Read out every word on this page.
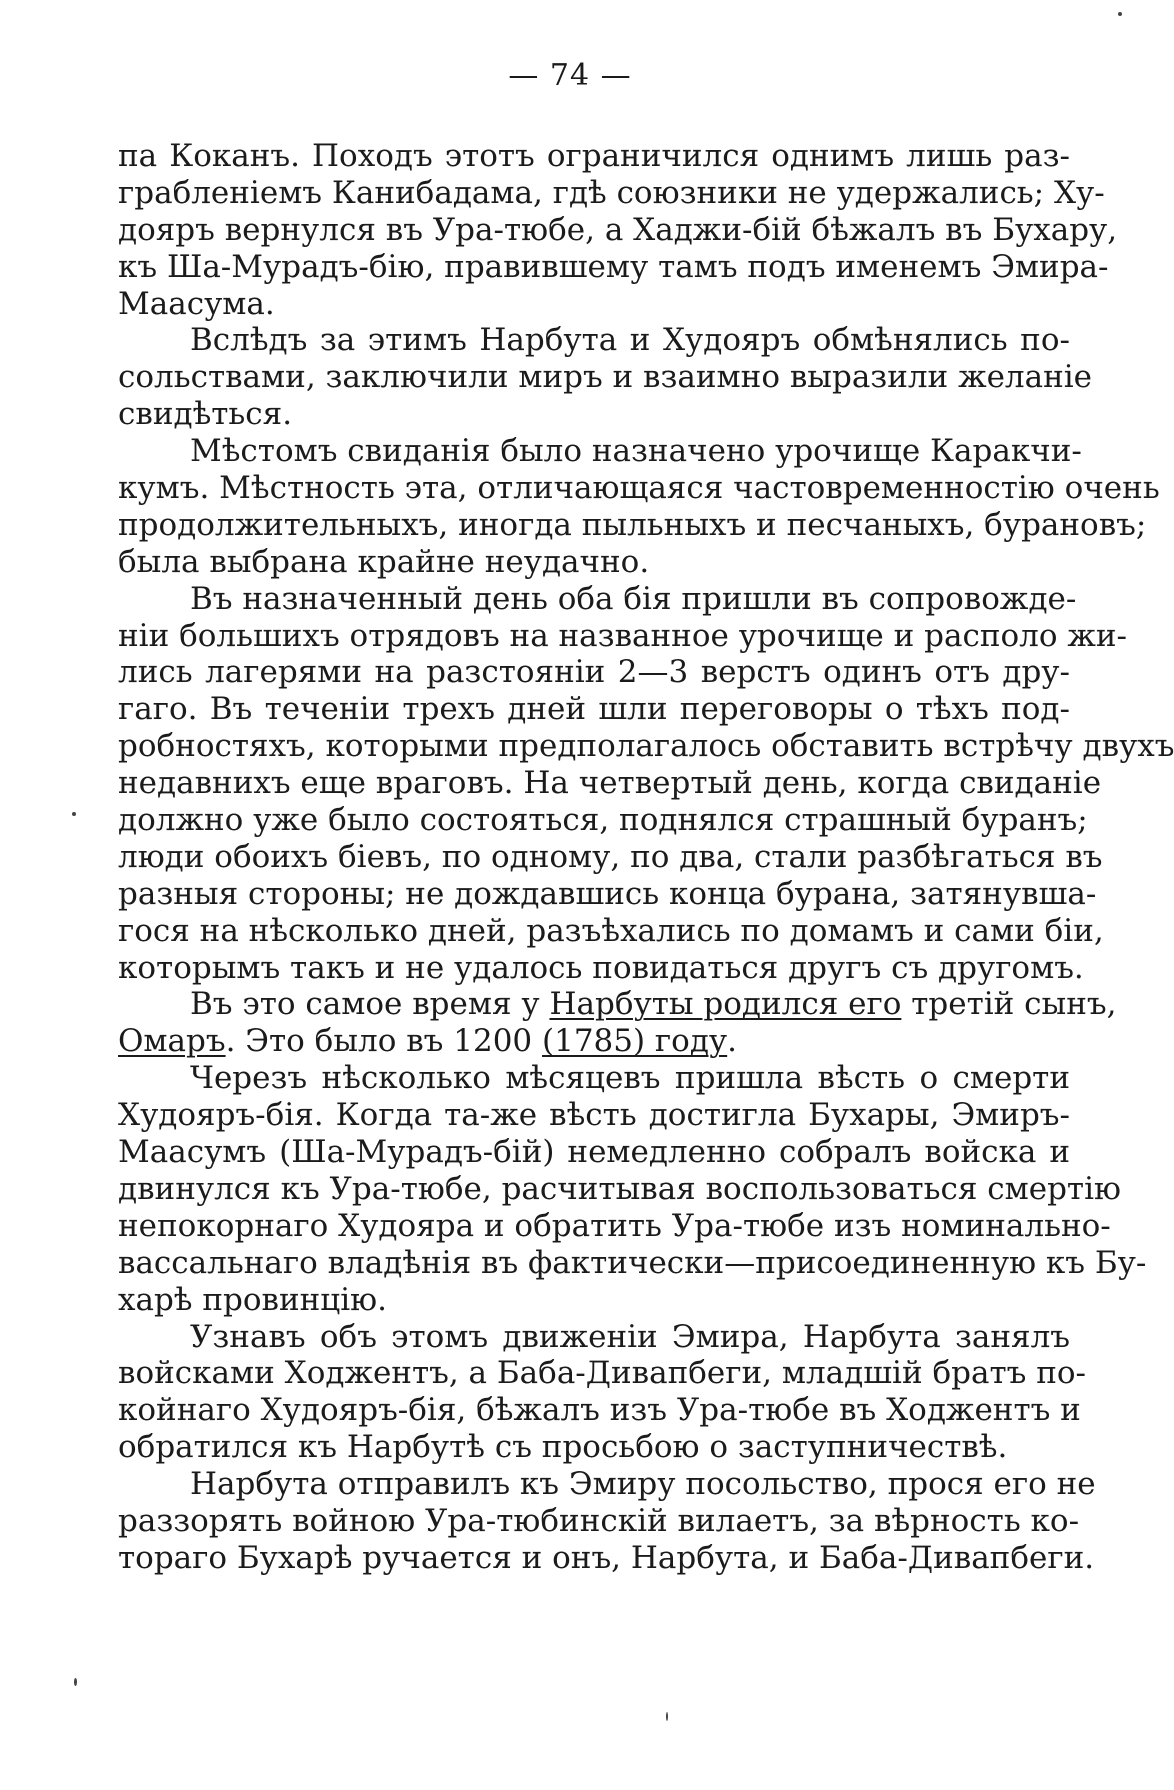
— 74 —
па Коканъ. Походъ этотъ ограничился однимъ лишь раз-
грабленіемъ Канибадама, гдѣ союзники не удержались; Ху-
дояръ вернулся въ Ура-тюбе, а Хаджи-бій бѣжалъ въ Бухару,
къ Ша-Мурадъ-бію, правившему тамъ подъ именемъ Эмира-
Маасума.
Вслѣдъ за этимъ Нарбута и Худояръ обмѣнялись по-
сольствами, заключили миръ и взаимно выразили желаніе
свидѣться.
Мѣстомъ свиданія было назначено урочище Каракчи-
кумъ. Мѣстность эта, отличающаяся частовременностію очень
продолжительныхъ, иногда пыльныхъ и песчаныхъ, бурановъ;
была выбрана крайне неудачно.
Въ назначенный день оба бія пришли въ сопровожде-
ніи большихъ отрядовъ на названное урочище и располо жи-
лись лагерями на разстояніи 2—3 верстъ одинъ отъ дру-
гаго. Въ теченіи трехъ дней шли переговоры о тѣхъ под-
робностяхъ, которыми предполагалось обставить встрѣчу двухъ
недавнихъ еще враговъ. На четвертый день, когда свиданіе
должно уже было состояться, поднялся страшный буранъ;
люди обоихъ біевъ, по одному, по два, стали разбѣгаться въ
разныя стороны; не дождавшись конца бурана, затянувша-
гося на нѣсколько дней, разъѣхались по домамъ и сами біи,
которымъ такъ и не удалось повидаться другъ съ другомъ.
Въ это самое время у Нарбуты родился его третій сынъ,
Омаръ. Это было въ 1200 (1785) году.
Черезъ нѣсколько мѣсяцевъ пришла вѣсть о смерти
Худояръ-бія. Когда та-же вѣсть достигла Бухары, Эмиръ-
Маасумъ (Ша-Мурадъ-бій) немедленно собралъ войска и
двинулся къ Ура-тюбе, расчитывая воспользоваться смертію
непокорнаго Худояра и обратить Ура-тюбе изъ номинально-
вассальнаго владѣнія въ фактически—присоединенную къ Бу-
харѣ провинцію.
Узнавъ объ этомъ движеніи Эмира, Нарбута занялъ
войсками Ходжентъ, а Баба-Дивапбеги, младшій братъ по-
койнаго Худояръ-бія, бѣжалъ изъ Ура-тюбе въ Ходжентъ и
обратился къ Нарбутѣ съ просьбою о заступничествѣ.
Нарбута отправилъ къ Эмиру посольство, прося его не
раззорять войною Ура-тюбинскій вилаетъ, за вѣрность ко-
тораго Бухарѣ ручается и онъ, Нарбута, и Баба-Дивапбеги.
